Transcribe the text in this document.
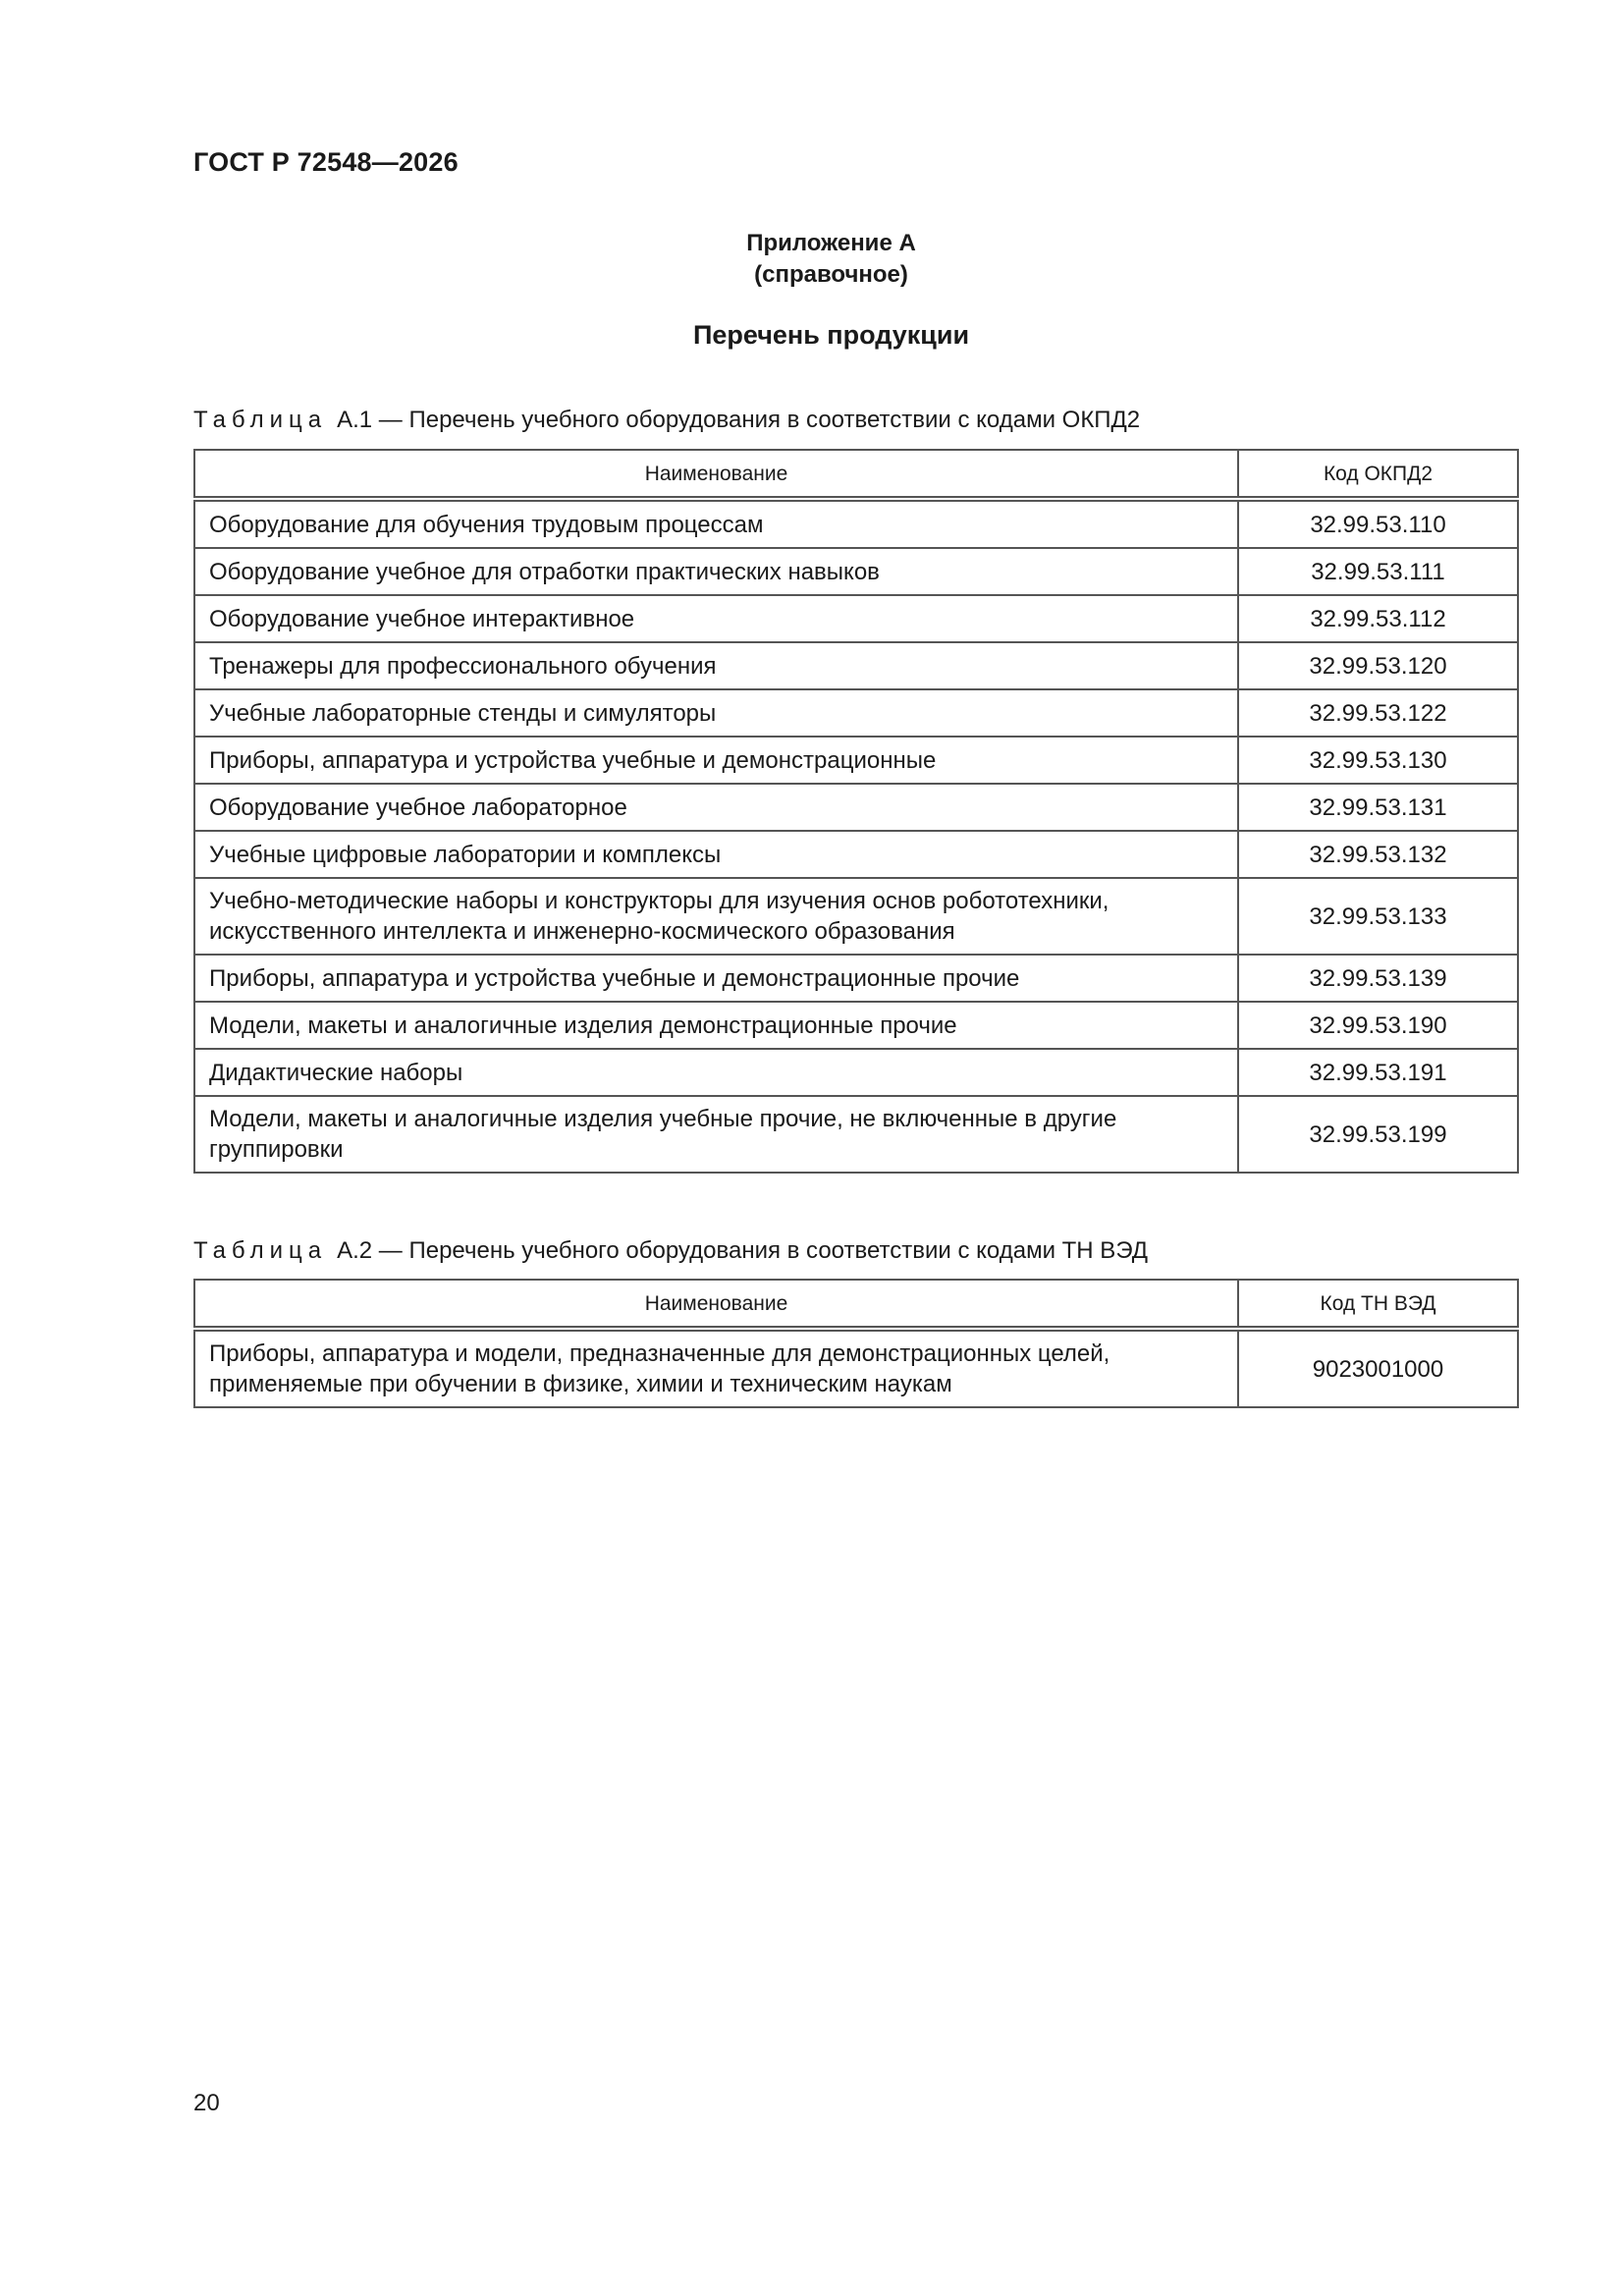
ГОСТ Р 72548—2026
Приложение А
(справочное)
Перечень продукции
Таблица А.1 — Перечень учебного оборудования в соответствии с кодами ОКПД2
Наименование	Код ОКПД2
Оборудование для обучения трудовым процессам	32.99.53.110
Оборудование учебное для отработки практических навыков	32.99.53.111
Оборудование учебное интерактивное	32.99.53.112
Тренажеры для профессионального обучения	32.99.53.120
Учебные лабораторные стенды и симуляторы	32.99.53.122
Приборы, аппаратура и устройства учебные и демонстрационные	32.99.53.130
Оборудование учебное лабораторное	32.99.53.131
Учебные цифровые лаборатории и комплексы	32.99.53.132

Учебно-методические наборы и конструкторы для изучения основ робототехники,
искусственного интеллекта и инженерно-космического образования	32.99.53.133
Приборы, аппаратура и устройства учебные и демонстрационные прочие	32.99.53.139
Модели, макеты и аналогичные изделия демонстрационные прочие	32.99.53.190
Дидактические наборы	32.99.53.191

Модели, макеты и аналогичные изделия учебные прочие, не включенные в другие
группировки	32.99.53.199
Таблица А.2 — Перечень учебного оборудования в соответствии с кодами ТН ВЭД
Наименование	Код ТН ВЭД

Приборы, аппаратура и модели, предназначенные для демонстрационных целей,
применяемые при обучении в физике, химии и техническим наукам	9023001000
20
